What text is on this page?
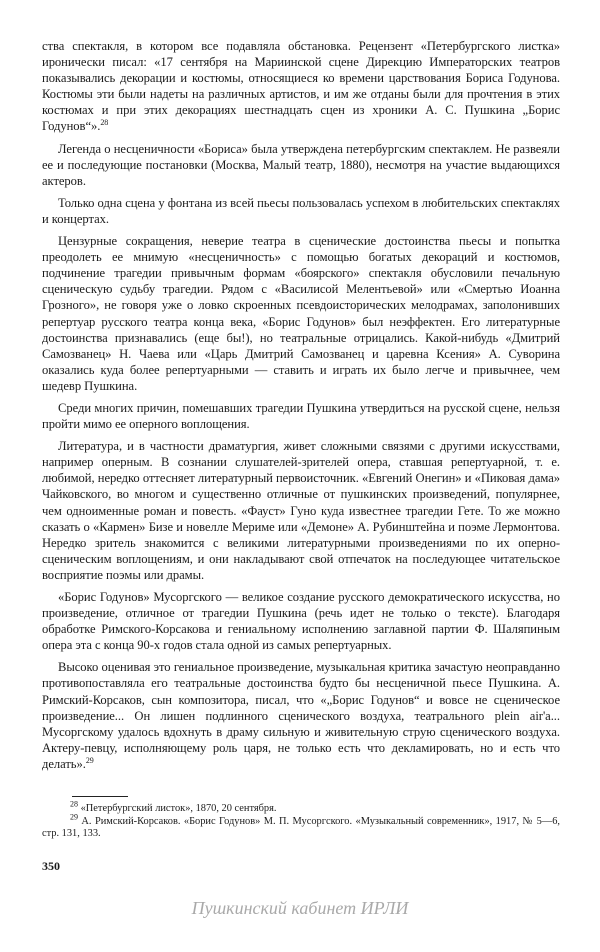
ства спектакля, в котором все подавляла обстановка. Рецензент «Петербургского листка» иронически писал: «17 сентября на Мариинской сцене Дирекцию Императорских театров показывались декорации и костюмы, относящиеся ко времени царствования Бориса Годунова. Костюмы эти были надеты на различных артистов, и им же отданы были для прочтения в этих костюмах и при этих декорациях шестнадцать сцен из хроники А. С. Пушкина „Борис Годунов“».$^{28}$

Легенда о несценичности «Бориса» была утверждена петербургским спектаклем. Не развеяли ее и последующие постановки (Москва, Малый театр, 1880), несмотря на участие выдающихся актеров.

Только одна сцена у фонтана из всей пьесы пользовалась успехом в любительских спектаклях и концертах.

Цензурные сокращения, неверие театра в сценические достоинства пьесы и попытка преодолеть ее мнимую «несценичность» с помощью богатых декораций и костюмов, подчинение трагедии привычным формам «боярского» спектакля обусловили печальную сценическую судьбу трагедии. Рядом с «Василисой Мелентьевой» или «Смертью Иоанна Грозного», не говоря уже о ловко скроенных псевдоисторических мелодрамах, заполонивших репертуар русского театра конца века, «Борис Годунов» был неэффектен. Его литературные достоинства признавались (еще бы!), но театральные отрицались. Какой-нибудь «Дмитрий Самозванец» Н. Чаева или «Царь Дмитрий Самозванец и царевна Ксения» А. Суворина оказались куда более репертуарными — ставить и играть их было легче и привычнее, чем шедевр Пушкина.

Среди многих причин, помешавших трагедии Пушкина утвердиться на русской сцене, нельзя пройти мимо ее оперного воплощения.

Литература, и в частности драматургия, живет сложными связями с другими искусствами, например оперным. В сознании слушателей-зрителей опера, ставшая репертуарной, т. е. любимой, нередко оттесняет литературный первоисточник. «Евгений Онегин» и «Пиковая дама» Чайковского, во многом и существенно отличные от пушкинских произведений, популярнее, чем одноименные роман и повесть. «Фауст» Гуно куда известнее трагедии Гете. То же можно сказать о «Кармен» Бизе и новелле Мериме или «Демоне» А. Рубинштейна и поэме Лермонтова. Нередко зритель знакомится с великими литературными произведениями по их оперно-сценическим воплощениям, и они накладывают свой отпечаток на последующее читательское восприятие поэмы или драмы.

«Борис Годунов» Мусоргского — великое создание русского демократического искусства, но произведение, отличное от трагедии Пушкина (речь идет не только о тексте). Благодаря обработке Римского-Корсакова и гениальному исполнению заглавной партии Ф. Шаляпиным опера эта с конца 90-х годов стала одной из самых репертуарных.

Высоко оценивая это гениальное произведение, музыкальная критика зачастую неоправданно противопоставляла его театральные достоинства будто бы несценичной пьесе Пушкина. А. Римский-Корсаков, сын композитора, писал, что «„Борис Годунов“ и вовсе не сценическое произведение... Он лишен подлинного сценического воздуха, театрального plein air'a... Мусоргскому удалось вдохнуть в драму сильную и живительную струю сценического воздуха. Актеру-певцу, исполняющему роль царя, не только есть что декламировать, но и есть что делать».$^{29}$

$^{28}$ «Петербургский листок», 1870, 20 сентября.

$^{29}$ А. Римский-Корсаков. «Борис Годунов» М. П. Мусоргского. «Музыкальный современник», 1917, № 5—6, стр. 131, 133.

350
Пушкинский кабинет ИРЛИ
